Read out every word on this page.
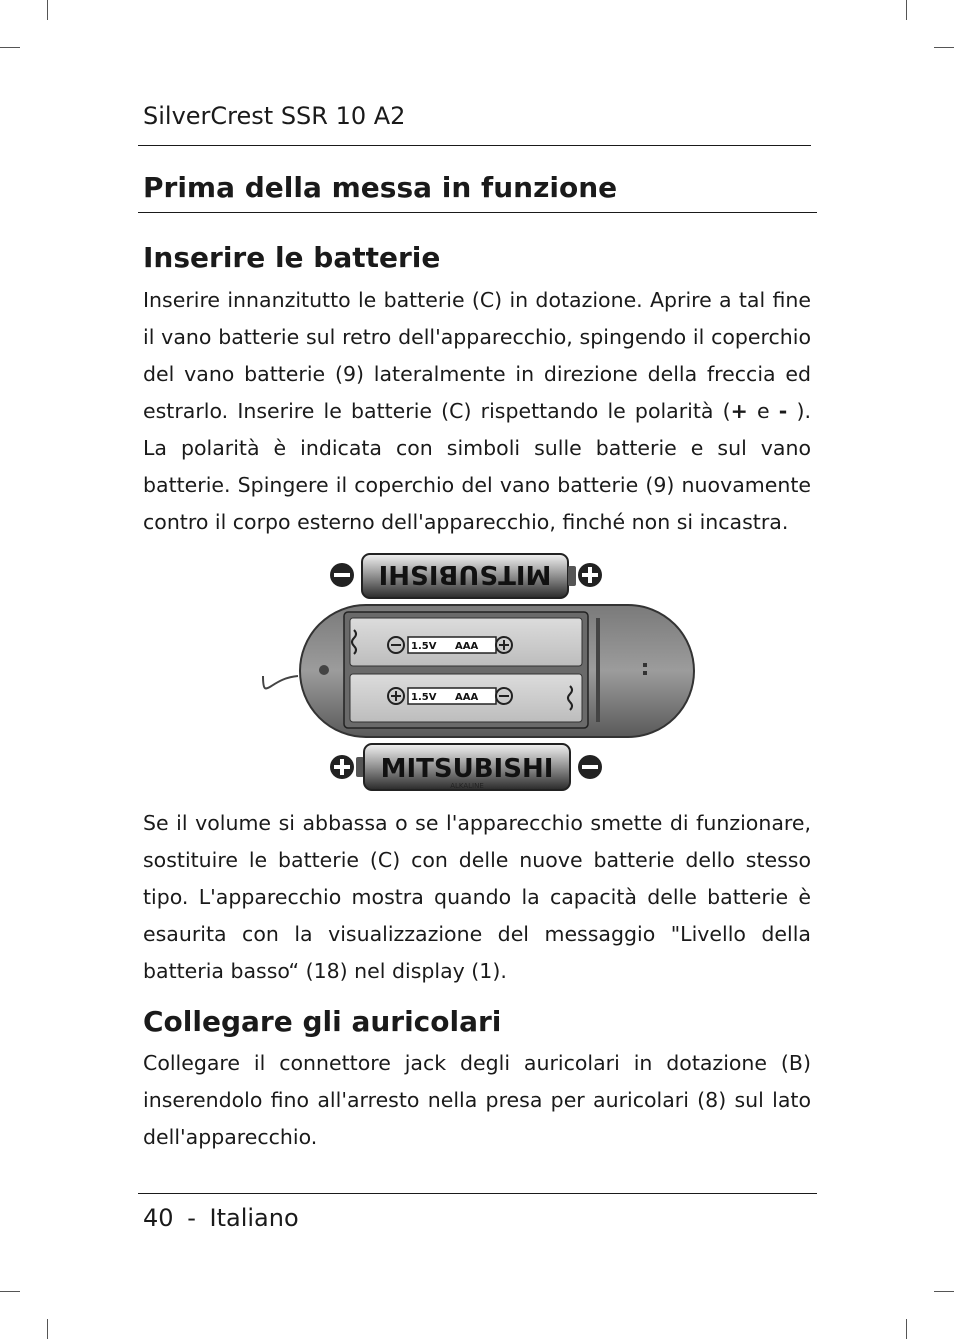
SilverCrest SSR 10 A2
Prima della messa in funzione
Inserire le batterie

Inserire innanzitutto le batterie (C) in dotazione. Aprire a tal fine il vano batterie sul retro dell'apparecchio, spingendo il coperchio del vano batterie (9) lateralmente in direzione della freccia ed estrarlo. Inserire le batterie (C) rispettando le polarità (+ e - ). La polarità è indicata con simboli sulle batterie e sul vano batterie. Spingere il coperchio del vano batterie (9) nuovamente contro il corpo esterno dell'apparecchio, finché non si incastra.

MITSUBISHI
1.5V AAA
1.5V AAA
MITSUBISHI
ALKALINE

Se il volume si abbassa o se l'apparecchio smette di funzionare, sostituire le batterie (C) con delle nuove batterie dello stesso tipo. L'apparecchio mostra quando la capacità delle batterie è esaurita con la visualizzazione del messaggio "Livello della batteria basso“ (18) nel display (1).

Collegare gli auricolari

Collegare il connettore jack degli auricolari in dotazione (B) inserendolo fino all'arresto nella presa per auricolari (8) sul lato dell'apparecchio.

40 - Italiano
